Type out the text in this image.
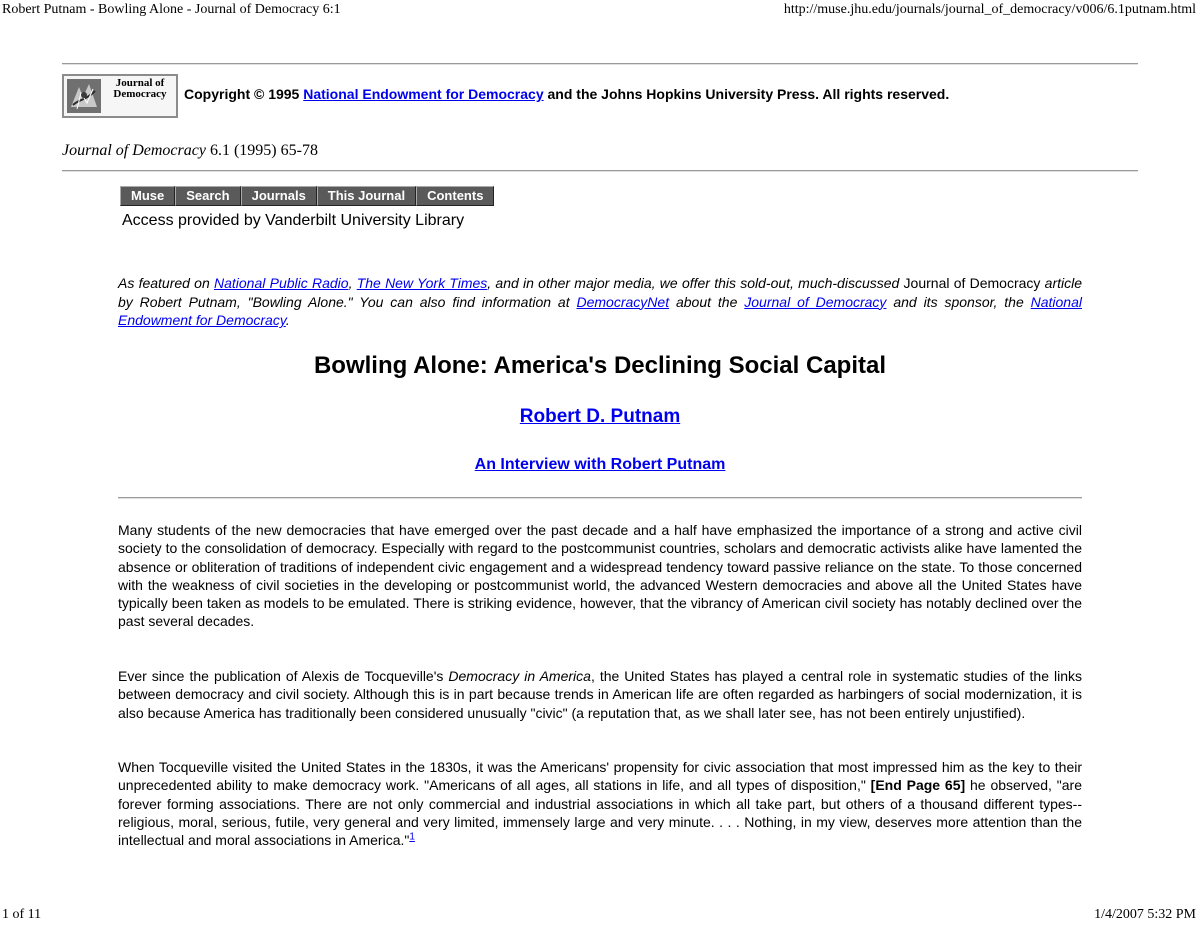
Robert Putnam - Bowling Alone - Journal of Democracy 6:1	http://muse.jhu.edu/journals/journal_of_democracy/v006/6.1putnam.html
Journal of Democracy	Copyright © 1995 National Endowment for Democracy and the Johns Hopkins University Press. All rights reserved.
Journal of Democracy 6.1 (1995) 65-78
Muse	Search	Journals	This Journal	Contents
Access provided by Vanderbilt University Library
As featured on National Public Radio, The New York Times, and in other major media, we offer this sold-out, much-discussed Journal of Democracy article by Robert Putnam, "Bowling Alone." You can also find information at DemocracyNet about the Journal of Democracy and its sponsor, the National Endowment for Democracy.
Bowling Alone: America's Declining Social Capital
Robert D. Putnam
An Interview with Robert Putnam
Many students of the new democracies that have emerged over the past decade and a half have emphasized the importance of a strong and active civil society to the consolidation of democracy. Especially with regard to the postcommunist countries, scholars and democratic activists alike have lamented the absence or obliteration of traditions of independent civic engagement and a widespread tendency toward passive reliance on the state. To those concerned with the weakness of civil societies in the developing or postcommunist world, the advanced Western democracies and above all the United States have typically been taken as models to be emulated. There is striking evidence, however, that the vibrancy of American civil society has notably declined over the past several decades.
Ever since the publication of Alexis de Tocqueville's Democracy in America, the United States has played a central role in systematic studies of the links between democracy and civil society. Although this is in part because trends in American life are often regarded as harbingers of social modernization, it is also because America has traditionally been considered unusually "civic" (a reputation that, as we shall later see, has not been entirely unjustified).
When Tocqueville visited the United States in the 1830s, it was the Americans' propensity for civic association that most impressed him as the key to their unprecedented ability to make democracy work. "Americans of all ages, all stations in life, and all types of disposition," [End Page 65] he observed, "are forever forming associations. There are not only commercial and industrial associations in which all take part, but others of a thousand different types--religious, moral, serious, futile, very general and very limited, immensely large and very minute. . . . Nothing, in my view, deserves more attention than the intellectual and moral associations in America."$^1$
1 of 11	1/4/2007 5:32 PM
